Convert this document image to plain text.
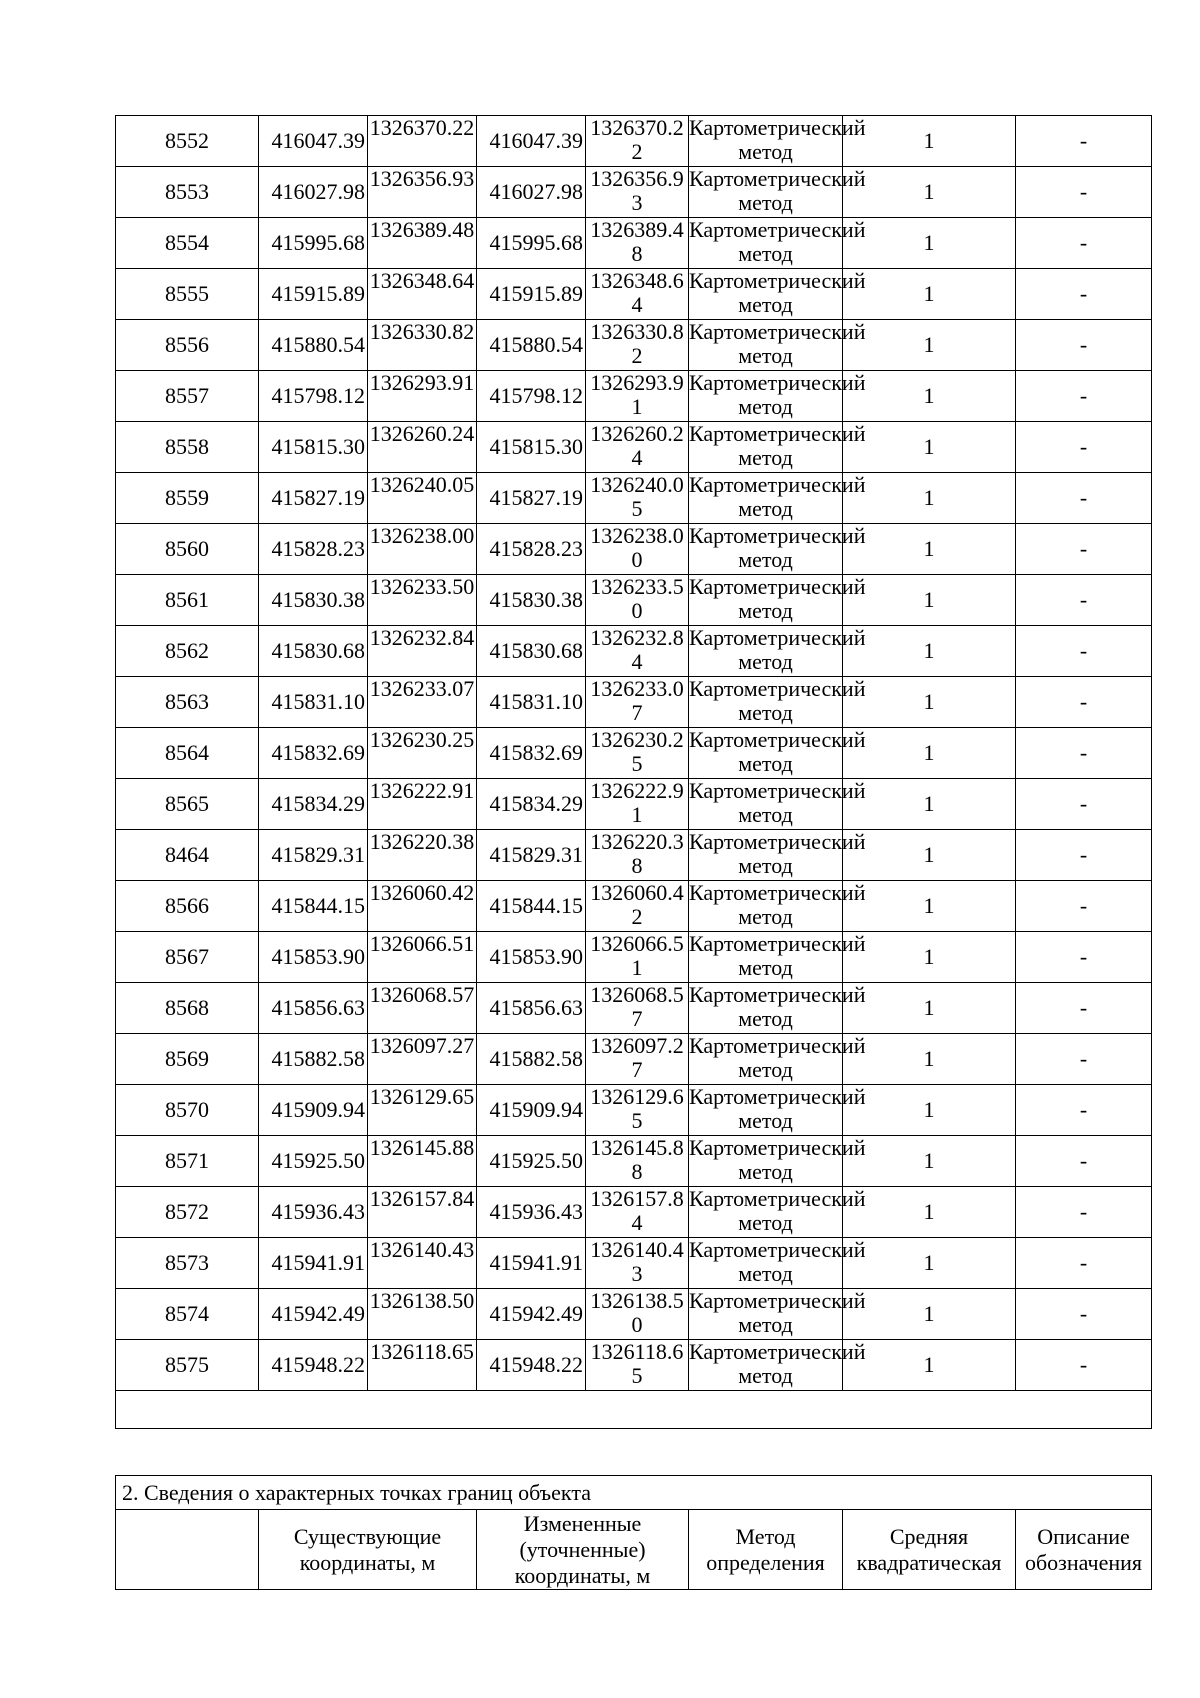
8552	416047.39	1326370.22	416047.39	1326370.22	Картометрический метод	1	-
8553	416027.98	1326356.93	416027.98	1326356.93	Картометрический метод	1	-
8554	415995.68	1326389.48	415995.68	1326389.48	Картометрический метод	1	-
8555	415915.89	1326348.64	415915.89	1326348.64	Картометрический метод	1	-
8556	415880.54	1326330.82	415880.54	1326330.82	Картометрический метод	1	-
8557	415798.12	1326293.91	415798.12	1326293.91	Картометрический метод	1	-
8558	415815.30	1326260.24	415815.30	1326260.24	Картометрический метод	1	-
8559	415827.19	1326240.05	415827.19	1326240.05	Картометрический метод	1	-
8560	415828.23	1326238.00	415828.23	1326238.00	Картометрический метод	1	-
8561	415830.38	1326233.50	415830.38	1326233.50	Картометрический метод	1	-
8562	415830.68	1326232.84	415830.68	1326232.84	Картометрический метод	1	-
8563	415831.10	1326233.07	415831.10	1326233.07	Картометрический метод	1	-
8564	415832.69	1326230.25	415832.69	1326230.25	Картометрический метод	1	-
8565	415834.29	1326222.91	415834.29	1326222.91	Картометрический метод	1	-
8464	415829.31	1326220.38	415829.31	1326220.38	Картометрический метод	1	-
8566	415844.15	1326060.42	415844.15	1326060.42	Картометрический метод	1	-
8567	415853.90	1326066.51	415853.90	1326066.51	Картометрический метод	1	-
8568	415856.63	1326068.57	415856.63	1326068.57	Картометрический метод	1	-
8569	415882.58	1326097.27	415882.58	1326097.27	Картометрический метод	1	-
8570	415909.94	1326129.65	415909.94	1326129.65	Картометрический метод	1	-
8571	415925.50	1326145.88	415925.50	1326145.88	Картометрический метод	1	-
8572	415936.43	1326157.84	415936.43	1326157.84	Картометрический метод	1	-
8573	415941.91	1326140.43	415941.91	1326140.43	Картометрический метод	1	-
8574	415942.49	1326138.50	415942.49	1326138.50	Картометрический метод	1	-
8575	415948.22	1326118.65	415948.22	1326118.65	Картометрический метод	1	-

2. Сведения о характерных точках границ объекта
	Существующие координаты, м	Измененные (уточненные) координаты, м	Метод определения	Средняя квадратическая	Описание обозначения
